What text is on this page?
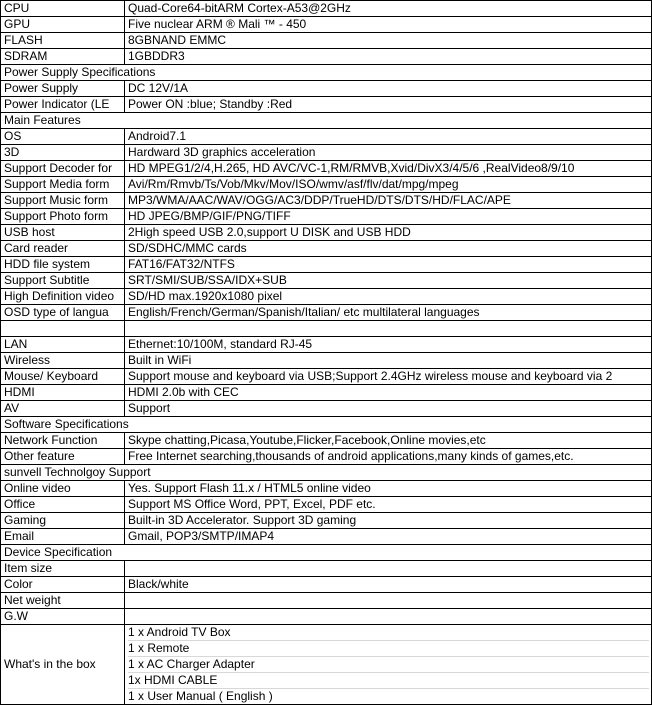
CPU	Quad-Core64-bitARM Cortex-A53@2GHz
GPU	Five nuclear ARM ® Mali ™ - 450
FLASH	8GBNAND EMMC
SDRAM	1GBDDR3
Power Supply Specifications	
Power Supply	DC 12V/1A
Power Indicator (LE	Power ON :blue; Standby :Red
Main Features	
OS	Android7.1
3D	Hardward 3D graphics acceleration
Support Decoder for	HD MPEG1/2/4,H.265, HD AVC/VC-1,RM/RMVB,Xvid/DivX3/4/5/6 ,RealVideo8/9/10
Support Media form	Avi/Rm/Rmvb/Ts/Vob/Mkv/Mov/ISO/wmv/asf/flv/dat/mpg/mpeg
Support Music form	MP3/WMA/AAC/WAV/OGG/AC3/DDP/TrueHD/DTS/DTS/HD/FLAC/APE
Support Photo form	HD JPEG/BMP/GIF/PNG/TIFF
USB host	2High speed USB 2.0,support U DISK and USB HDD
Card reader	SD/SDHC/MMC cards
HDD file system	FAT16/FAT32/NTFS
Support Subtitle	SRT/SMI/SUB/SSA/IDX+SUB
High Definition video	SD/HD max.1920x1080 pixel
OSD type of langua	English/French/German/Spanish/Italian/ etc multilateral languages

LAN	Ethernet:10/100M, standard RJ-45
Wireless	Built in WiFi
Mouse/ Keyboard	Support mouse and keyboard via USB;Support 2.4GHz wireless mouse and keyboard via 2
HDMI	HDMI 2.0b with CEC
AV	Support
Software Specifications	
Network Function	Skype chatting,Picasa,Youtube,Flicker,Facebook,Online movies,etc
Other feature	Free Internet searching,thousands of android applications,many kinds of games,etc.
sunvell Technolgoy Support	
Online video	Yes. Support Flash 11.x / HTML5 online video
Office	Support MS Office Word, PPT, Excel, PDF etc.
Gaming	Built-in 3D Accelerator. Support 3D gaming
Email	Gmail, POP3/SMTP/IMAP4
Device Specification	
Item size	
Color	Black/white
Net weight	
G.W	
What's in the box	1 x Android TV Box
1 x Remote
1 x AC Charger Adapter
1x HDMI CABLE
1 x User Manual ( English )
